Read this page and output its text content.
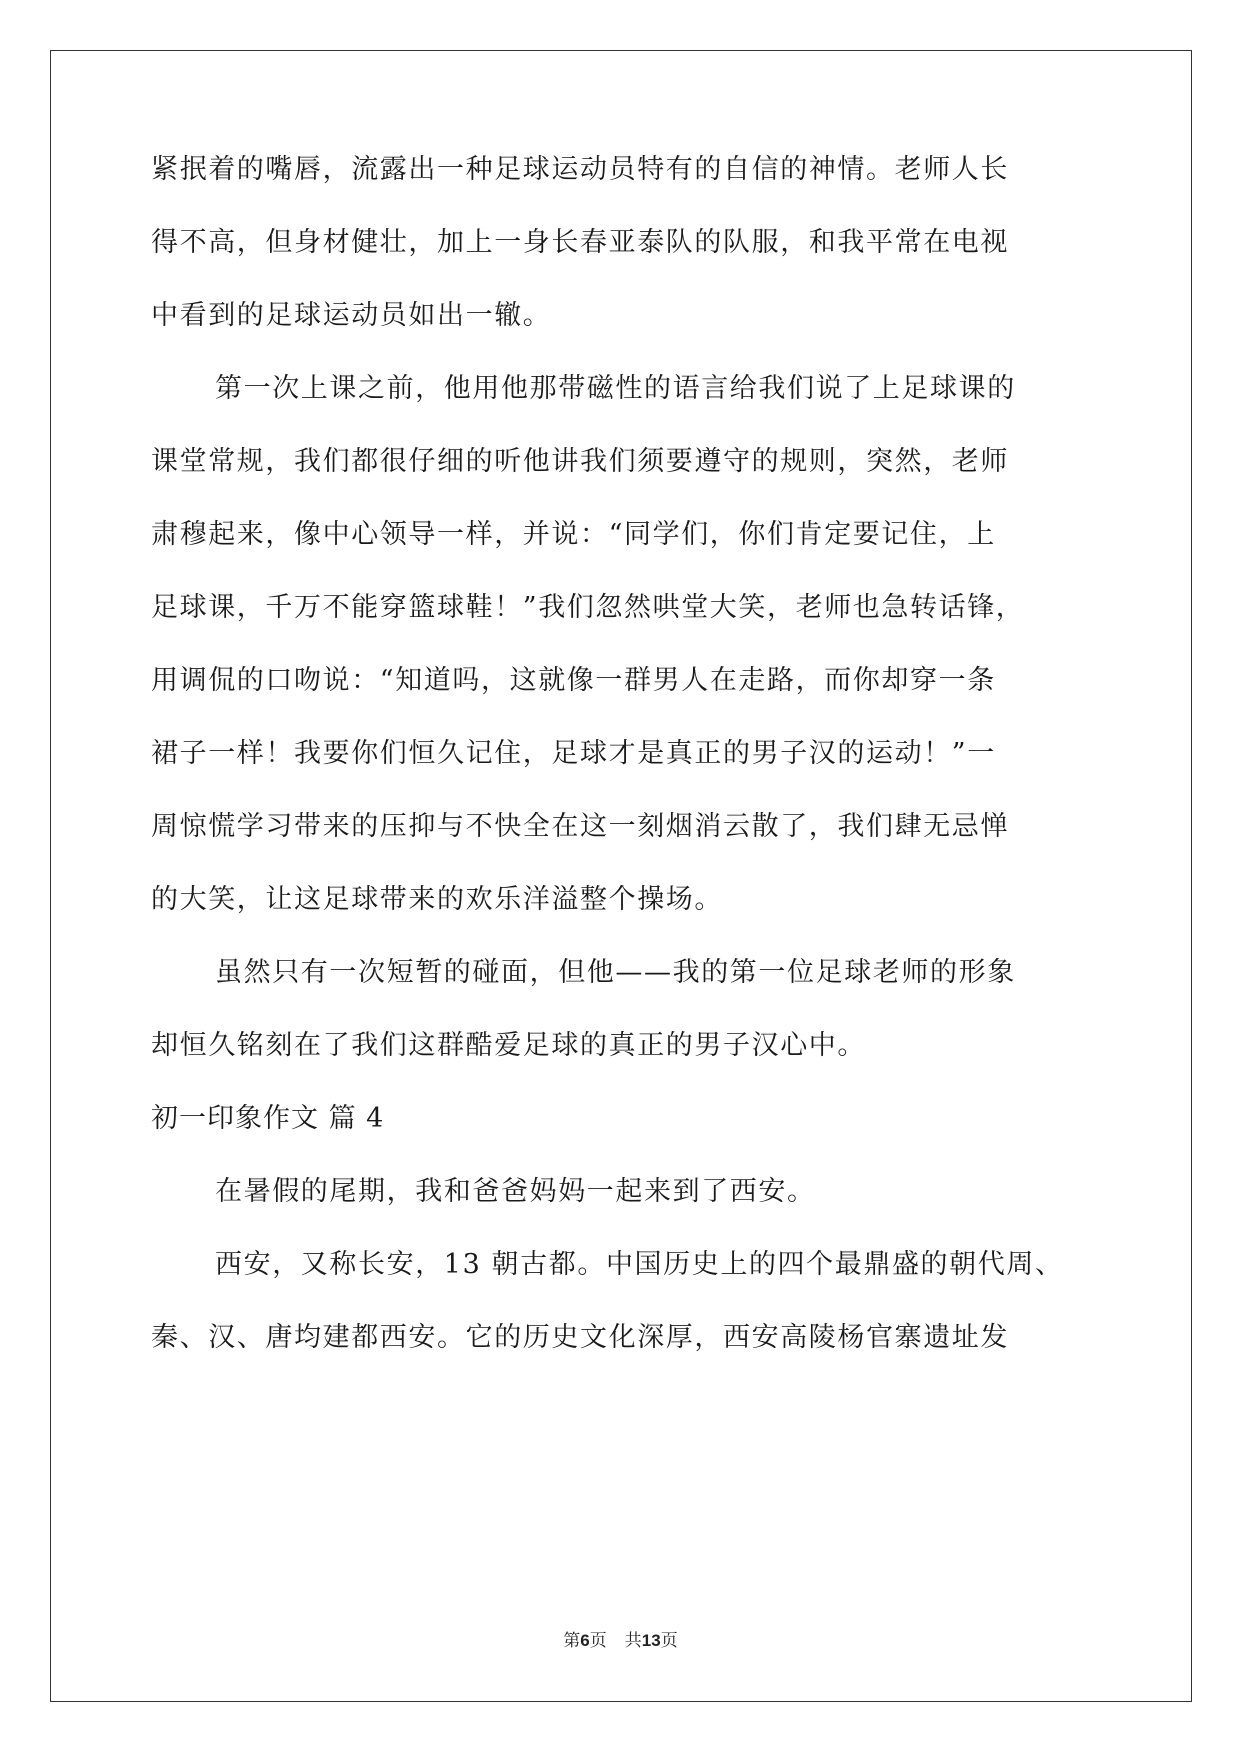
紧抿着的嘴唇，流露出一种足球运动员特有的自信的神情。老师人长
得不高，但身材健壮，加上一身长春亚泰队的队服，和我平常在电视
中看到的足球运动员如出一辙。
第一次上课之前，他用他那带磁性的语言给我们说了上足球课的
课堂常规，我们都很仔细的听他讲我们须要遵守的规则，突然，老师
肃穆起来，像中心领导一样，并说：“同学们，你们肯定要记住，上
足球课，千万不能穿篮球鞋！”我们忽然哄堂大笑，老师也急转话锋，
用调侃的口吻说：“知道吗，这就像一群男人在走路，而你却穿一条
裙子一样！我要你们恒久记住，足球才是真正的男子汉的运动！”一
周惊慌学习带来的压抑与不快全在这一刻烟消云散了，我们肆无忌惮
的大笑，让这足球带来的欢乐洋溢整个操场。
虽然只有一次短暂的碰面，但他——我的第一位足球老师的形象
却恒久铭刻在了我们这群酷爱足球的真正的男子汉心中。
初一印象作文 篇 4
在暑假的尾期，我和爸爸妈妈一起来到了西安。
西安，又称长安，13 朝古都。中国历史上的四个最鼎盛的朝代周、
秦、汉、唐均建都西安。它的历史文化深厚，西安高陵杨官寨遗址发
第6页 共13页
